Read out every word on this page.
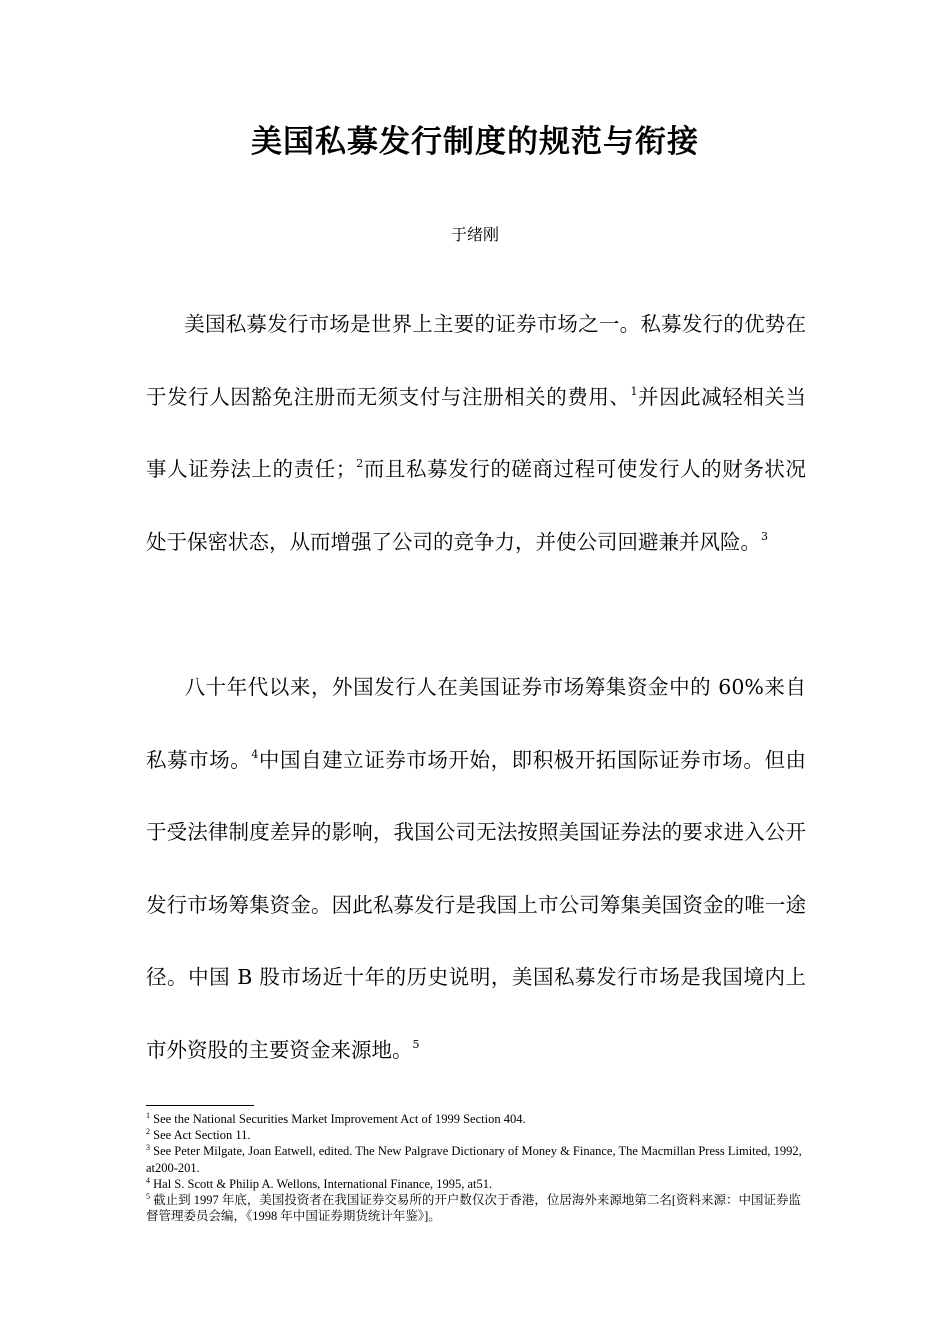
美国私募发行制度的规范与衔接

于绪刚

美国私募发行市场是世界上主要的证券市场之一。私募发行的优势在于发行人因豁免注册而无须支付与注册相关的费用、$^1$并因此减轻相关当事人证券法上的责任；$^2$而且私募发行的磋商过程可使发行人的财务状况处于保密状态，从而增强了公司的竞争力，并使公司回避兼并风险。$^3$

八十年代以来，外国发行人在美国证券市场筹集资金中的 60%来自私募市场。$^4$中国自建立证券市场开始，即积极开拓国际证券市场。但由于受法律制度差异的影响，我国公司无法按照美国证券法的要求进入公开发行市场筹集资金。因此私募发行是我国上市公司筹集美国资金的唯一途径。中国 B 股市场近十年的历史说明，美国私募发行市场是我国境内上市外资股的主要资金来源地。$^5$

$^1$ See the National Securities Market Improvement Act of 1999 Section 404.

$^2$ See Act Section 11.

$^3$ See Peter Milgate, Joan Eatwell, edited. The New Palgrave Dictionary of Money & Finance, The Macmillan Press Limited, 1992, at200-201.

$^4$ Hal S. Scott & Philip A. Wellons, International Finance, 1995, at51.

$^5$ 截止到 1997 年底，美国投资者在我国证券交易所的开户数仅次于香港，位居海外来源地第二名[资料来源：中国证券监督管理委员会编，《1998 年中国证券期货统计年鉴》]。
